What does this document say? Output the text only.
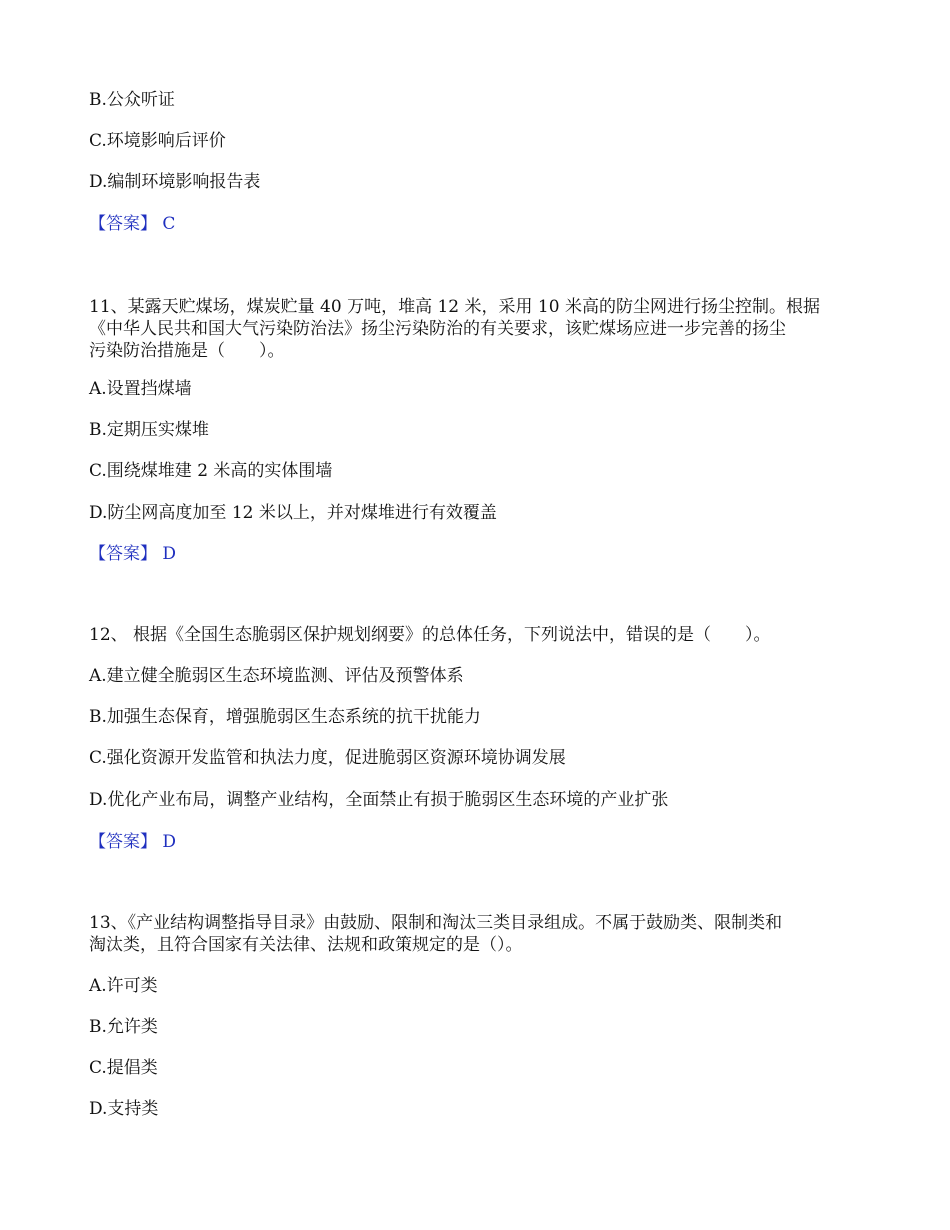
B.公众听证
C.环境影响后评价
D.编制环境影响报告表
【答案】 C
11、某露天贮煤场，煤炭贮量 40 万吨，堆高 12 米，采用 10 米高的防尘网进行扬尘控制。根据
《中华人民共和国大气污染防治法》扬尘污染防治的有关要求，该贮煤场应进一步完善的扬尘
污染防治措施是（　　）。
A.设置挡煤墙
B.定期压实煤堆
C.围绕煤堆建 2 米高的实体围墙
D.防尘网高度加至 12 米以上，并对煤堆进行有效覆盖
【答案】 D
12、 根据《全国生态脆弱区保护规划纲要》的总体任务，下列说法中，错误的是（　　）。
A.建立健全脆弱区生态环境监测、评估及预警体系
B.加强生态保育，增强脆弱区生态系统的抗干扰能力
C.强化资源开发监管和执法力度，促进脆弱区资源环境协调发展
D.优化产业布局，调整产业结构，全面禁止有损于脆弱区生态环境的产业扩张
【答案】 D
13、《产业结构调整指导目录》由鼓励、限制和淘汰三类目录组成。不属于鼓励类、限制类和
淘汰类，且符合国家有关法律、法规和政策规定的是（）。
A.许可类
B.允许类
C.提倡类
D.支持类
